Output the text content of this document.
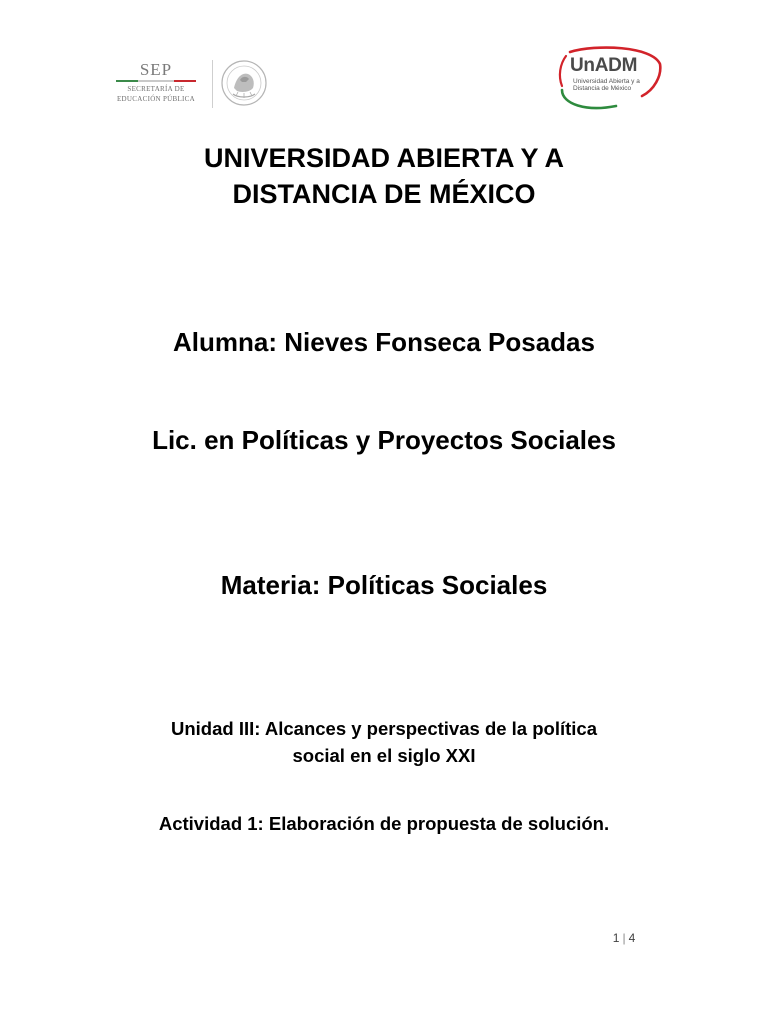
SEP
SECRETARÍA DE
EDUCACIÓN PÚBLICA
UnADM
Universidad Abierta y a
Distancia de México
UNIVERSIDAD ABIERTA Y A
DISTANCIA DE MÉXICO
Alumna: Nieves Fonseca Posadas
Lic. en Políticas y Proyectos Sociales
Materia: Políticas Sociales
Unidad III: Alcances y perspectivas de la política
social en el siglo XXI
Actividad 1: Elaboración de propuesta de solución.
1 | 4
